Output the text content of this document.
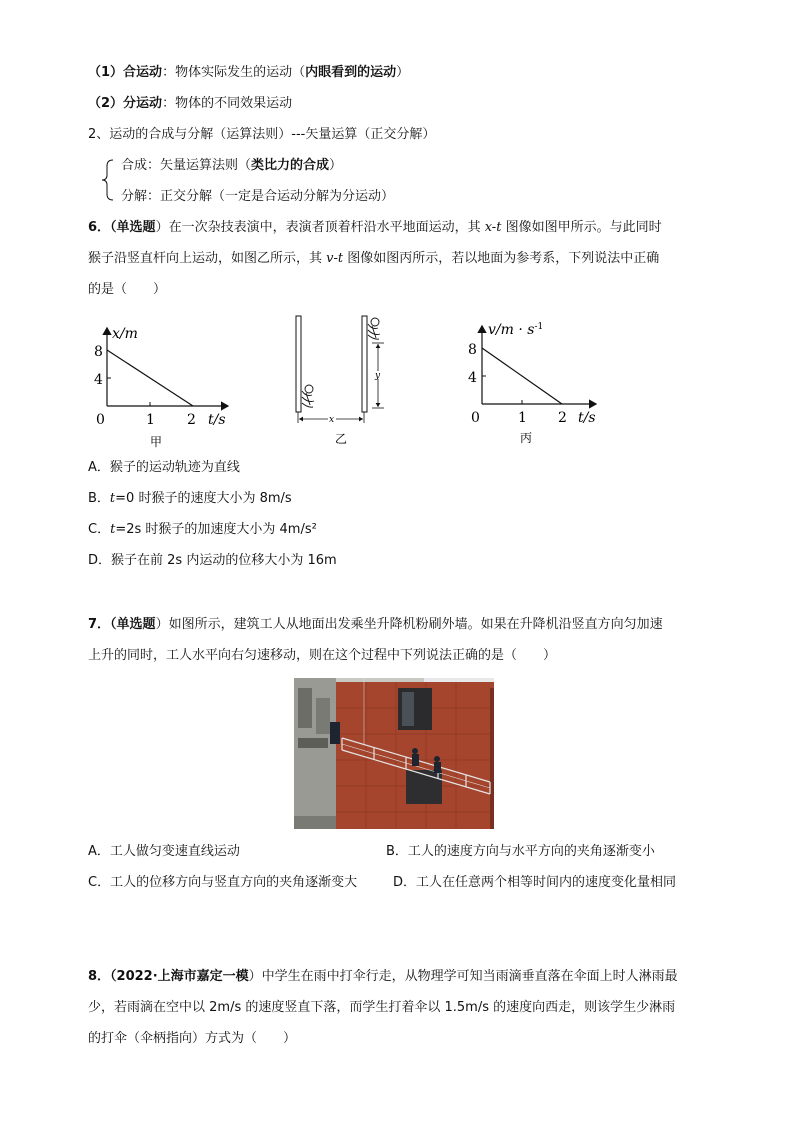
（1）合运动：物体实际发生的运动（内眼看到的运动）
（2）分运动：物体的不同效果运动
2、运动的合成与分解（运算法则）---矢量运算（正交分解）
合成：矢量运算法则（类比力的合成）
分解：正交分解（一定是合运动分解为分运动）
6．（单选题）在一次杂技表演中，表演者顶着杆沿水平地面运动，其 x-t 图像如图甲所示。与此同时
猴子沿竖直杆向上运动，如图乙所示，其 v-t 图像如图丙所示，若以地面为参考系，下列说法中正确
的是（　　）
x/m
8
4
0	1 2 t/s
甲
y
x
乙
$v/m \cdot s^{-1}$
8
4
0	1 2 t/s
丙
A．猴子的运动轨迹为直线
B．t=0 时猴子的速度大小为 8m/s
C．t=2s 时猴子的加速度大小为 4m/s²
D．猴子在前 2s 内运动的位移大小为 16m
7．（单选题）如图所示，建筑工人从地面出发乘坐升降机粉刷外墙。如果在升降机沿竖直方向匀加速
上升的同时，工人水平向右匀速移动，则在这个过程中下列说法正确的是（　　）
A．工人做匀变速直线运动	B．工人的速度方向与水平方向的夹角逐渐变小
C．工人的位移方向与竖直方向的夹角逐渐变大	D．工人在任意两个相等时间内的速度变化量相同
8．（2022·上海市嘉定一模）中学生在雨中打伞行走，从物理学可知当雨滴垂直落在伞面上时人淋雨最
少，若雨滴在空中以 2m/s 的速度竖直下落，而学生打着伞以 1.5m/s 的速度向西走，则该学生少淋雨
的打伞（伞柄指向）方式为（　　）
